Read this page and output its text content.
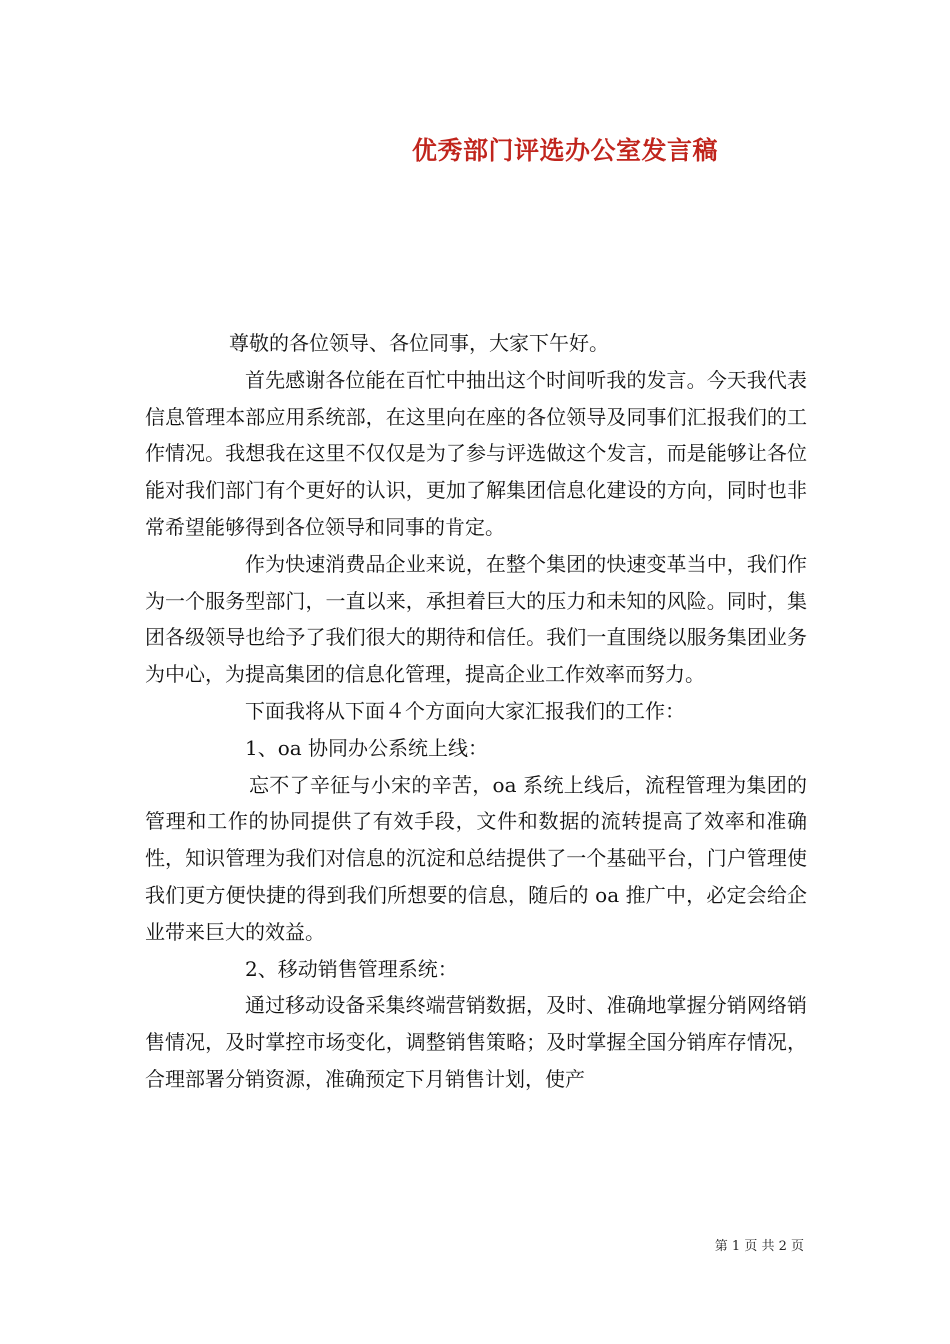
优秀部门评选办公室发言稿

尊敬的各位领导、各位同事，大家下午好。

首先感谢各位能在百忙中抽出这个时间听我的发言。今天我代表信息管理本部应用系统部，在这里向在座的各位领导及同事们汇报我们的工作情况。我想我在这里不仅仅是为了参与评选做这个发言，而是能够让各位能对我们部门有个更好的认识，更加了解集团信息化建设的方向，同时也非常希望能够得到各位领导和同事的肯定。

作为快速消费品企业来说，在整个集团的快速变革当中，我们作为一个服务型部门，一直以来，承担着巨大的压力和未知的风险。同时，集团各级领导也给予了我们很大的期待和信任。我们一直围绕以服务集团业务为中心，为提高集团的信息化管理，提高企业工作效率而努力。

下面我将从下面４个方面向大家汇报我们的工作：

1、oa 协同办公系统上线：

忘不了辛征与小宋的辛苦，oa 系统上线后，流程管理为集团的管理和工作的协同提供了有效手段，文件和数据的流转提高了效率和准确性，知识管理为我们对信息的沉淀和总结提供了一个基础平台，门户管理使我们更方便快捷的得到我们所想要的信息，随后的 oa 推广中，必定会给企业带来巨大的效益。

2、移动销售管理系统：

通过移动设备采集终端营销数据，及时、准确地掌握分销网络销售情况，及时掌控市场变化，调整销售策略；及时掌握全国分销库存情况，合理部署分销资源，准确预定下月销售计划，使产

第 1 页 共 2 页
